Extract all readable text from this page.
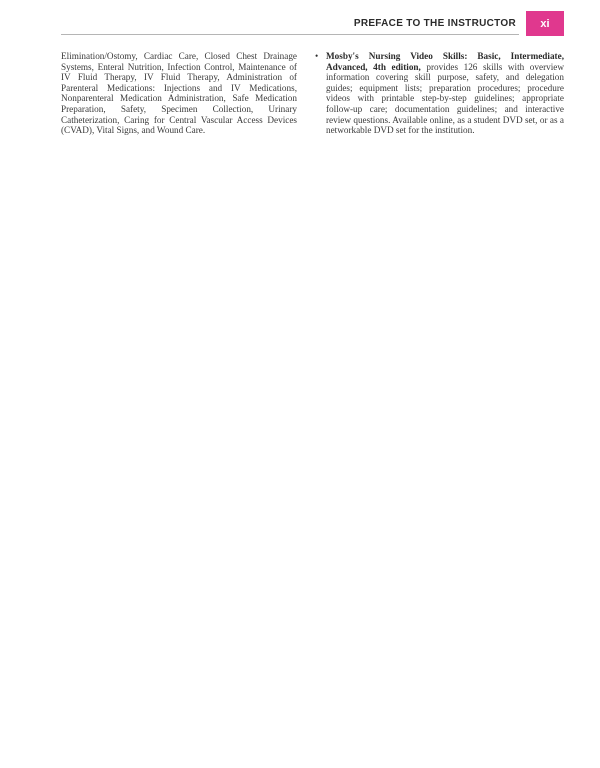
PREFACE TO THE INSTRUCTOR	xi

Elimination/Ostomy, Cardiac Care, Closed Chest Drainage Systems, Enteral Nutrition, Infection Control, Maintenance of IV Fluid Therapy, IV Fluid Therapy, Administration of Parenteral Medications: Injections and IV Medications, Nonparenteral Medication Administration, Safe Medication Preparation, Safety, Specimen Collection, Urinary Catheterization, Caring for Central Vascular Access Devices (CVAD), Vital Signs, and Wound Care.

• Mosby's Nursing Video Skills: Basic, Intermediate, Advanced, 4th edition, provides 126 skills with overview information covering skill purpose, safety, and delegation guides; equipment lists; preparation procedures; procedure videos with printable step-by-step guidelines; appropriate follow-up care; documentation guidelines; and interactive review questions. Available online, as a student DVD set, or as a networkable DVD set for the institution.
